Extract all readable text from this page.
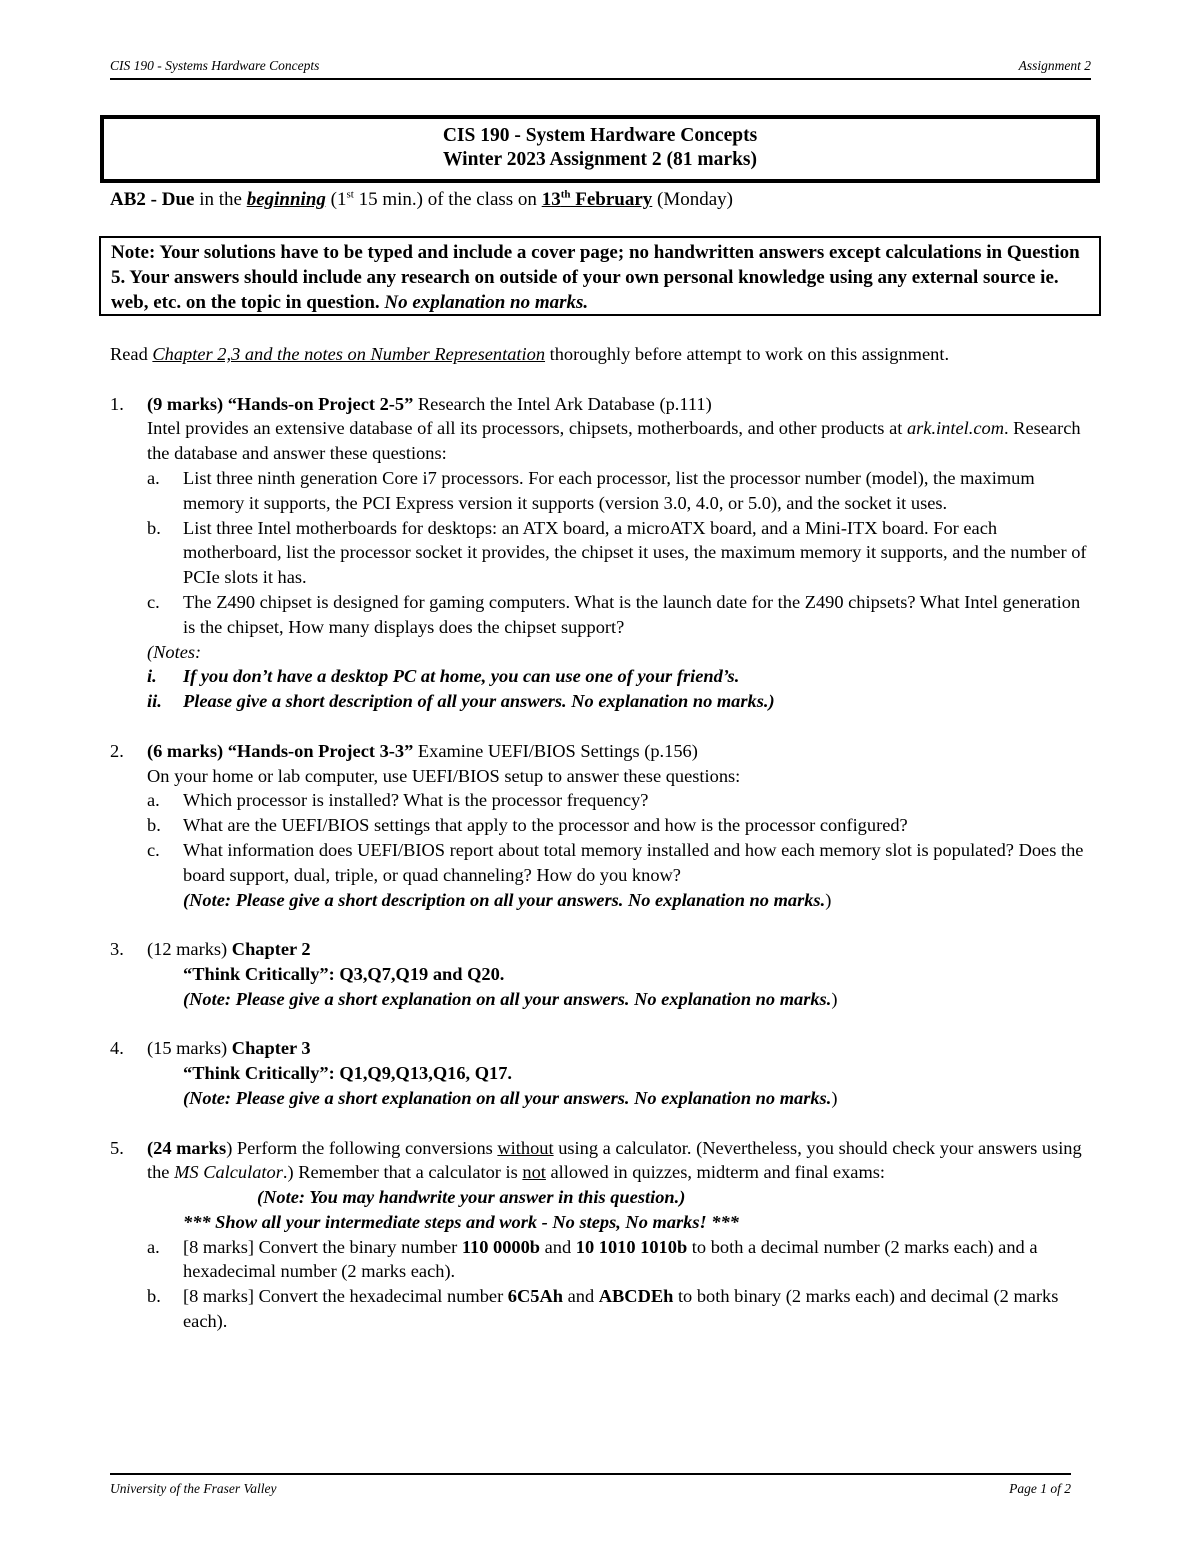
CIS 190 - Systems Hardware Concepts	Assignment 2
CIS 190 - System Hardware Concepts
Winter 2023 Assignment 2 (81 marks)
AB2 - Due in the beginning (1st 15 min.) of the class on 13th February (Monday)
Note: Your solutions have to be typed and include a cover page; no handwritten answers except calculations in Question 5. Your answers should include any research on outside of your own personal knowledge using any external source ie. web, etc. on the topic in question. No explanation no marks.

Read Chapter 2,3 and the notes on Number Representation thoroughly before attempt to work on this assignment.

1. (9 marks) “Hands-on Project 2-5” Research the Intel Ark Database (p.111)
Intel provides an extensive database of all its processors, chipsets, motherboards, and other products at ark.intel.com. Research the database and answer these questions:
a. List three ninth generation Core i7 processors. For each processor, list the processor number (model), the maximum memory it supports, the PCI Express version it supports (version 3.0, 4.0, or 5.0), and the socket it uses.
b. List three Intel motherboards for desktops: an ATX board, a microATX board, and a Mini-ITX board. For each motherboard, list the processor socket it provides, the chipset it uses, the maximum memory it supports, and the number of PCIe slots it has.
c. The Z490 chipset is designed for gaming computers. What is the launch date for the Z490 chipsets? What Intel generation is the chipset, How many displays does the chipset support?
(Notes:
i. If you don’t have a desktop PC at home, you can use one of your friend’s.
ii. Please give a short description of all your answers. No explanation no marks.)
2. (6 marks) “Hands-on Project 3-3” Examine UEFI/BIOS Settings (p.156)
On your home or lab computer, use UEFI/BIOS setup to answer these questions:
a. Which processor is installed? What is the processor frequency?
b. What are the UEFI/BIOS settings that apply to the processor and how is the processor configured?
c. What information does UEFI/BIOS report about total memory installed and how each memory slot is populated? Does the board support, dual, triple, or quad channeling? How do you know?
(Note: Please give a short description on all your answers. No explanation no marks.)
3. (12 marks) Chapter 2
“Think Critically”: Q3,Q7,Q19 and Q20.
(Note: Please give a short explanation on all your answers. No explanation no marks.)
4. (15 marks) Chapter 3
“Think Critically”: Q1,Q9,Q13,Q16, Q17.
(Note: Please give a short explanation on all your answers. No explanation no marks.)
5. (24 marks) Perform the following conversions without using a calculator. (Nevertheless, you should check your answers using the MS Calculator.) Remember that a calculator is not allowed in quizzes, midterm and final exams:
(Note: You may handwrite your answer in this question.)
*** Show all your intermediate steps and work - No steps, No marks! ***
a. [8 marks] Convert the binary number 110 0000b and 10 1010 1010b to both a decimal number (2 marks each) and a hexadecimal number (2 marks each).
b. [8 marks] Convert the hexadecimal number 6C5Ah and ABCDEh to both binary (2 marks each) and decimal (2 marks each).
University of the Fraser Valley	Page 1 of 2
